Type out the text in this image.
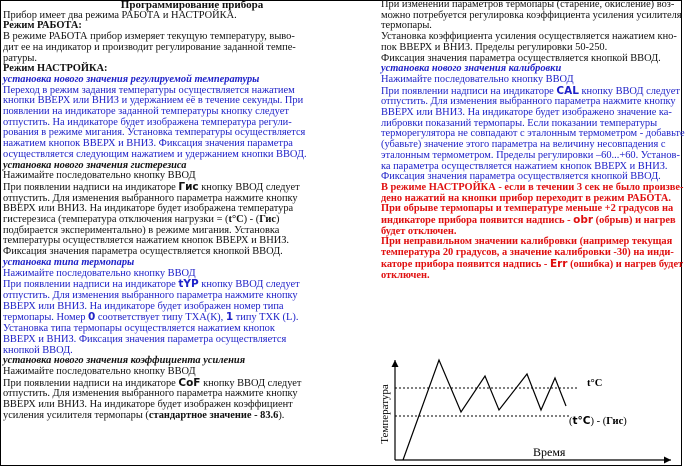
Программирование прибора
Прибор имеет два режима РАБОТА и НАСТРОЙКА.
Режим РАБОТА:
В режиме РАБОТА прибор измеряет текущую температуру, выво-
дит ее на индикатор и производит регулирование заданной темпе-
ратуры.
Режим НАСТРОЙКА:
установка нового значения регулируемой температуры
Переход в режим задания температуры осуществляется нажатием
кнопки ВВЕРХ или ВНИЗ и удержанием её в течение секунды. При
появлении на индикаторе заданной температуры кнопку следует
отпустить. На индикаторе будет изображена температура регули-
рования в режиме мигания. Установка температуры осуществляется
нажатием кнопок ВВЕРХ и ВНИЗ. Фиксация значения параметра
осуществляется следующим нажатием и удержанием кнопки ВВОД.
установка нового значения гистерезиса
Нажимайте последовательно кнопку ВВОД
При появлении надписи на индикаторе Гис кнопку ВВОД следует
отпустить. Для изменения выбранного параметра нажмите кнопку
ВВЕРХ или ВНИЗ. На индикаторе будет изображена температура
гистерезиса (температура отключения нагрузки = (t°C) - (Гис)
подбирается экспериментально) в режиме мигания. Установка
температуры осуществляется нажатием кнопок ВВЕРХ и ВНИЗ.
Фиксация значения параметра осуществляется кнопкой ВВОД.
установка типа термопары
Нажимайте последовательно кнопку ВВОД
При появлении надписи на индикаторе tYP кнопку ВВОД следует
отпустить. Для изменения выбранного параметра нажмите кнопку
ВВЕРХ или ВНИЗ. На индикаторе будет изображен номер типа
термопары. Номер 0 соответствует типу ТХА(К), 1 типу ТХК (L).
Установка типа термопары осуществляется нажатием кнопок
ВВЕРХ и ВНИЗ. Фиксация значения параметра осуществляется
кнопкой ВВОД.
установка нового значения коэффициента усиления
Нажимайте последовательно кнопку ВВОД
При появлении надписи на индикаторе CoF кнопку ВВОД следует
отпустить. Для изменения выбранного параметра нажмите кнопку
ВВЕРХ или ВНИЗ. На индикаторе будет изображен коэффициент
усиления усилителя термопары (стандартное значение - 83.6).
При изменении параметров термопары (старение, окисление) воз-
можно потребуется регулировка коэффициента усиления усилителя
термопары.
Установка коэффициента усиления осуществляется нажатием кно-
пок ВВЕРХ и ВНИЗ. Пределы регулировки 50-250.
Фиксация значения параметра осуществляется кнопкой ВВОД.
установка нового значения калибровки
Нажимайте последовательно кнопку ВВОД
При появлении надписи на индикаторе CAL кнопку ВВОД следует
отпустить. Для изменения выбранного параметра нажмите кнопку
ВВЕРХ или ВНИЗ. На индикаторе будет изображено значение ка-
либровки показаний термопары. Если показании температуры
терморегулятора не совпадают с эталонным термометром - добавьте
(убавьте) значение этого параметра на величину несовпадения с
эталонным термометром. Пределы регулировки –60...+60. Установ-
ка параметра осуществляется нажатием кнопок ВВЕРХ и ВНИЗ.
Фиксация значения параметра осуществляется кнопкой ВВОД.
В режиме НАСТРОЙКА - если в течении 3 сек не было произве-
дено нажатий на кнопки прибор переходит в режим РАБОТА.
При обрыве термопары и температуре меньше +2 градусов на
индикаторе прибора появится надпись - obr (обрыв) и нагрев
будет отключен.
При неправильном значении калибровки (например текущая
температура 20 градусов, а значение калибровки -30) на инди-
каторе прибора появится надпись - Err (ошибка) и нагрев будет
отключен.
Температура
Время
t°C
(t°C) - (Гис)
